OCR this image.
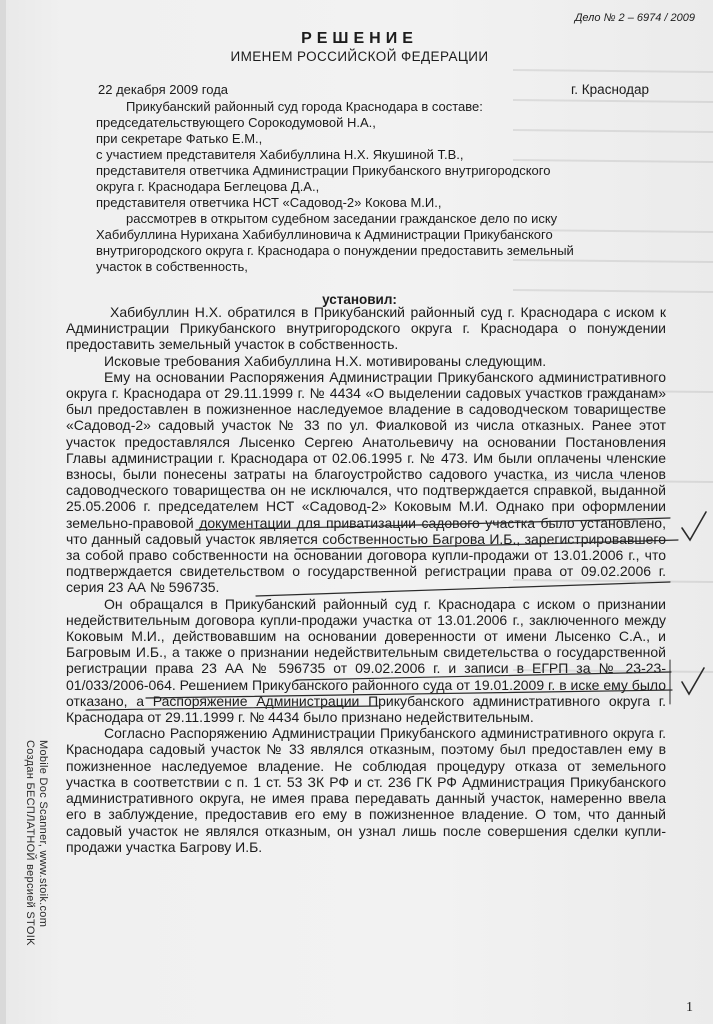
Дело № 2 – 6974 / 2009
РЕШЕНИЕ
ИМЕНЕМ РОССИЙСКОЙ ФЕДЕРАЦИИ
22 декабря 2009 года	г. Краснодар
Прикубанский районный суд города Краснодара в составе:
председательствующего Сорокодумовой Н.А.,
при секретаре Фатько Е.М.,
с участием представителя Хабибуллина Н.Х. Якушиной Т.В.,
представителя ответчика Администрации Прикубанского внутригородского
округа г. Краснодара Беглецова Д.А.,
представителя ответчика НСТ «Садовод-2» Кокова М.И.,
рассмотрев в открытом судебном заседании гражданское дело по иску
Хабибуллина Нурихана Хабибуллиновича к Администрации Прикубанского
внутригородского округа г. Краснодара о понуждении предоставить земельный
участок в собственность,
установил:

Хабибуллин Н.Х. обратился в Прикубанский районный суд г. Краснодара с иском к Администрации Прикубанского внутригородского округа г. Краснодара о понуждении предоставить земельный участок в собственность.

Исковые требования Хабибуллина Н.Х. мотивированы следующим.

Ему на основании Распоряжения Администрации Прикубанского административного округа г. Краснодара от 29.11.1999 г. № 4434 «О выделении садовых участков гражданам» был предоставлен в пожизненное наследуемое владение в садоводческом товариществе «Садовод-2» садовый участок № 33 по ул. Фиалковой из числа отказных. Ранее этот участок предоставлялся Лысенко Сергею Анатольевичу на основании Постановления Главы администрации г. Краснодара от 02.06.1995 г. № 473. Им были оплачены членские взносы, были понесены затраты на благоустройство садового участка, из числа членов садоводческого товарищества он не исключался, что подтверждается справкой, выданной 25.05.2006 г. председателем НСТ «Садовод-2» Коковым М.И. Однако при оформлении земельно-правовой документации для приватизации садового участка было установлено, что данный садовый участок является собственностью Багрова И.Б., зарегистрировавшего за собой право собственности на основании договора купли-продажи от 13.01.2006 г., что подтверждается свидетельством о государственной регистрации права от 09.02.2006 г. серия 23 АА № 596735.

Он обращался в Прикубанский районный суд г. Краснодара с иском о признании недействительным договора купли-продажи участка от 13.01.2006 г., заключенного между Коковым М.И., действовавшим на основании доверенности от имени Лысенко С.А., и Багровым И.Б., а также о признании недействительным свидетельства о государственной регистрации права 23 АА № 596735 от 09.02.2006 г. и записи в ЕГРП за № 23-23-01/033/2006-064. Решением Прикубанского районного суда от 19.01.2009 г. в иске ему было отказано, а Распоряжение Администрации Прикубанского административного округа г. Краснодара от 29.11.1999 г. № 4434 было признано недействительным.

Согласно Распоряжению Администрации Прикубанского административного округа г. Краснодара садовый участок № 33 являлся отказным, поэтому был предоставлен ему в пожизненное наследуемое владение. Не соблюдая процедуру отказа от земельного участка в соответствии с п. 1 ст. 53 ЗК РФ и ст. 236 ГК РФ Администрация Прикубанского административного округа, не имея права передавать данный участок, намеренно ввела его в заблуждение, предоставив его ему в пожизненное владение. О том, что данный садовый участок не являлся отказным, он узнал лишь после совершения сделки купли-продажи участка Багрову И.Б.

Создан БЕСПЛАТНОЙ версией STOIK Mobile Doc Scanner, www.stoik.com
1
